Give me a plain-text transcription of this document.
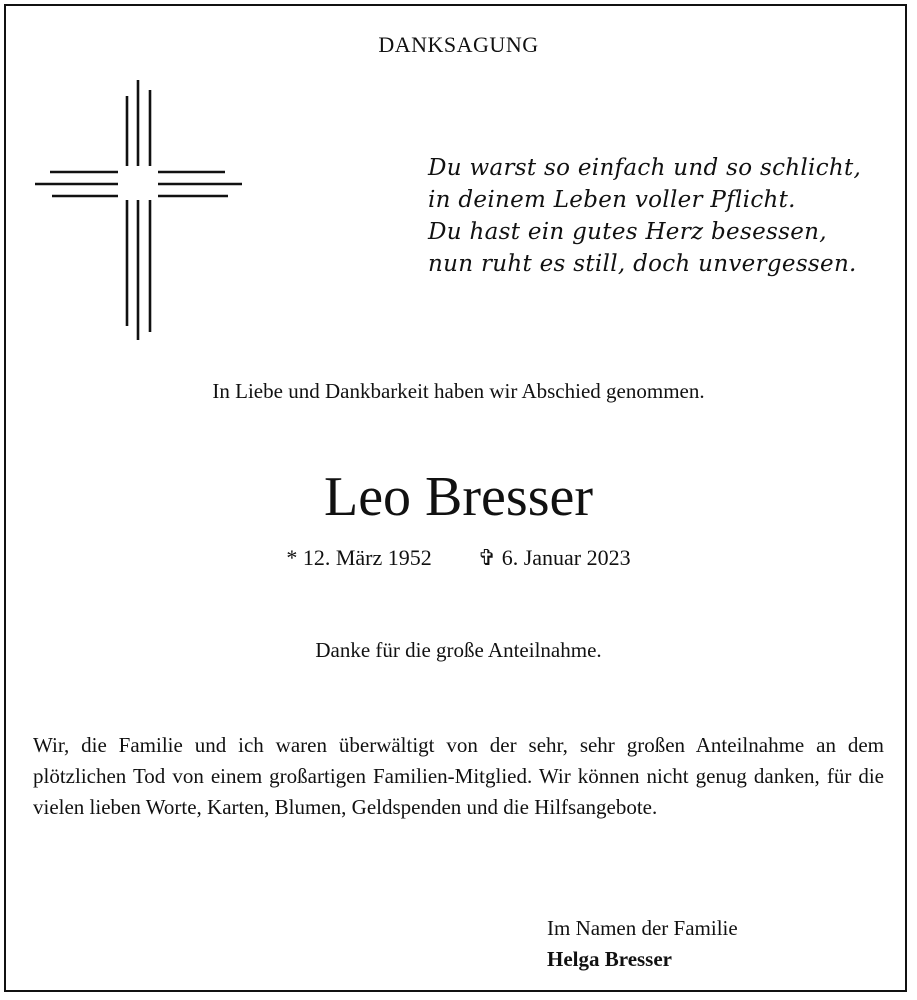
DANKSAGUNG
Du warst so einfach und so schlicht,
in deinem Leben voller Pflicht.
Du hast ein gutes Herz besessen,
nun ruht es still, doch unvergessen.
In Liebe und Dankbarkeit haben wir Abschied genommen.
Leo Bresser
* 12. März 1952 ✞ 6. Januar 2023
Danke für die große Anteilnahme.
Wir, die Familie und ich waren überwältigt von der sehr, sehr großen Anteilnahme an dem plötzlichen Tod von einem großartigen Familien-Mitglied. Wir können nicht genug danken, für die vielen lieben Worte, Karten, Blumen, Geldspenden und die Hilfsangebote.
Im Namen der Familie
Helga Bresser
